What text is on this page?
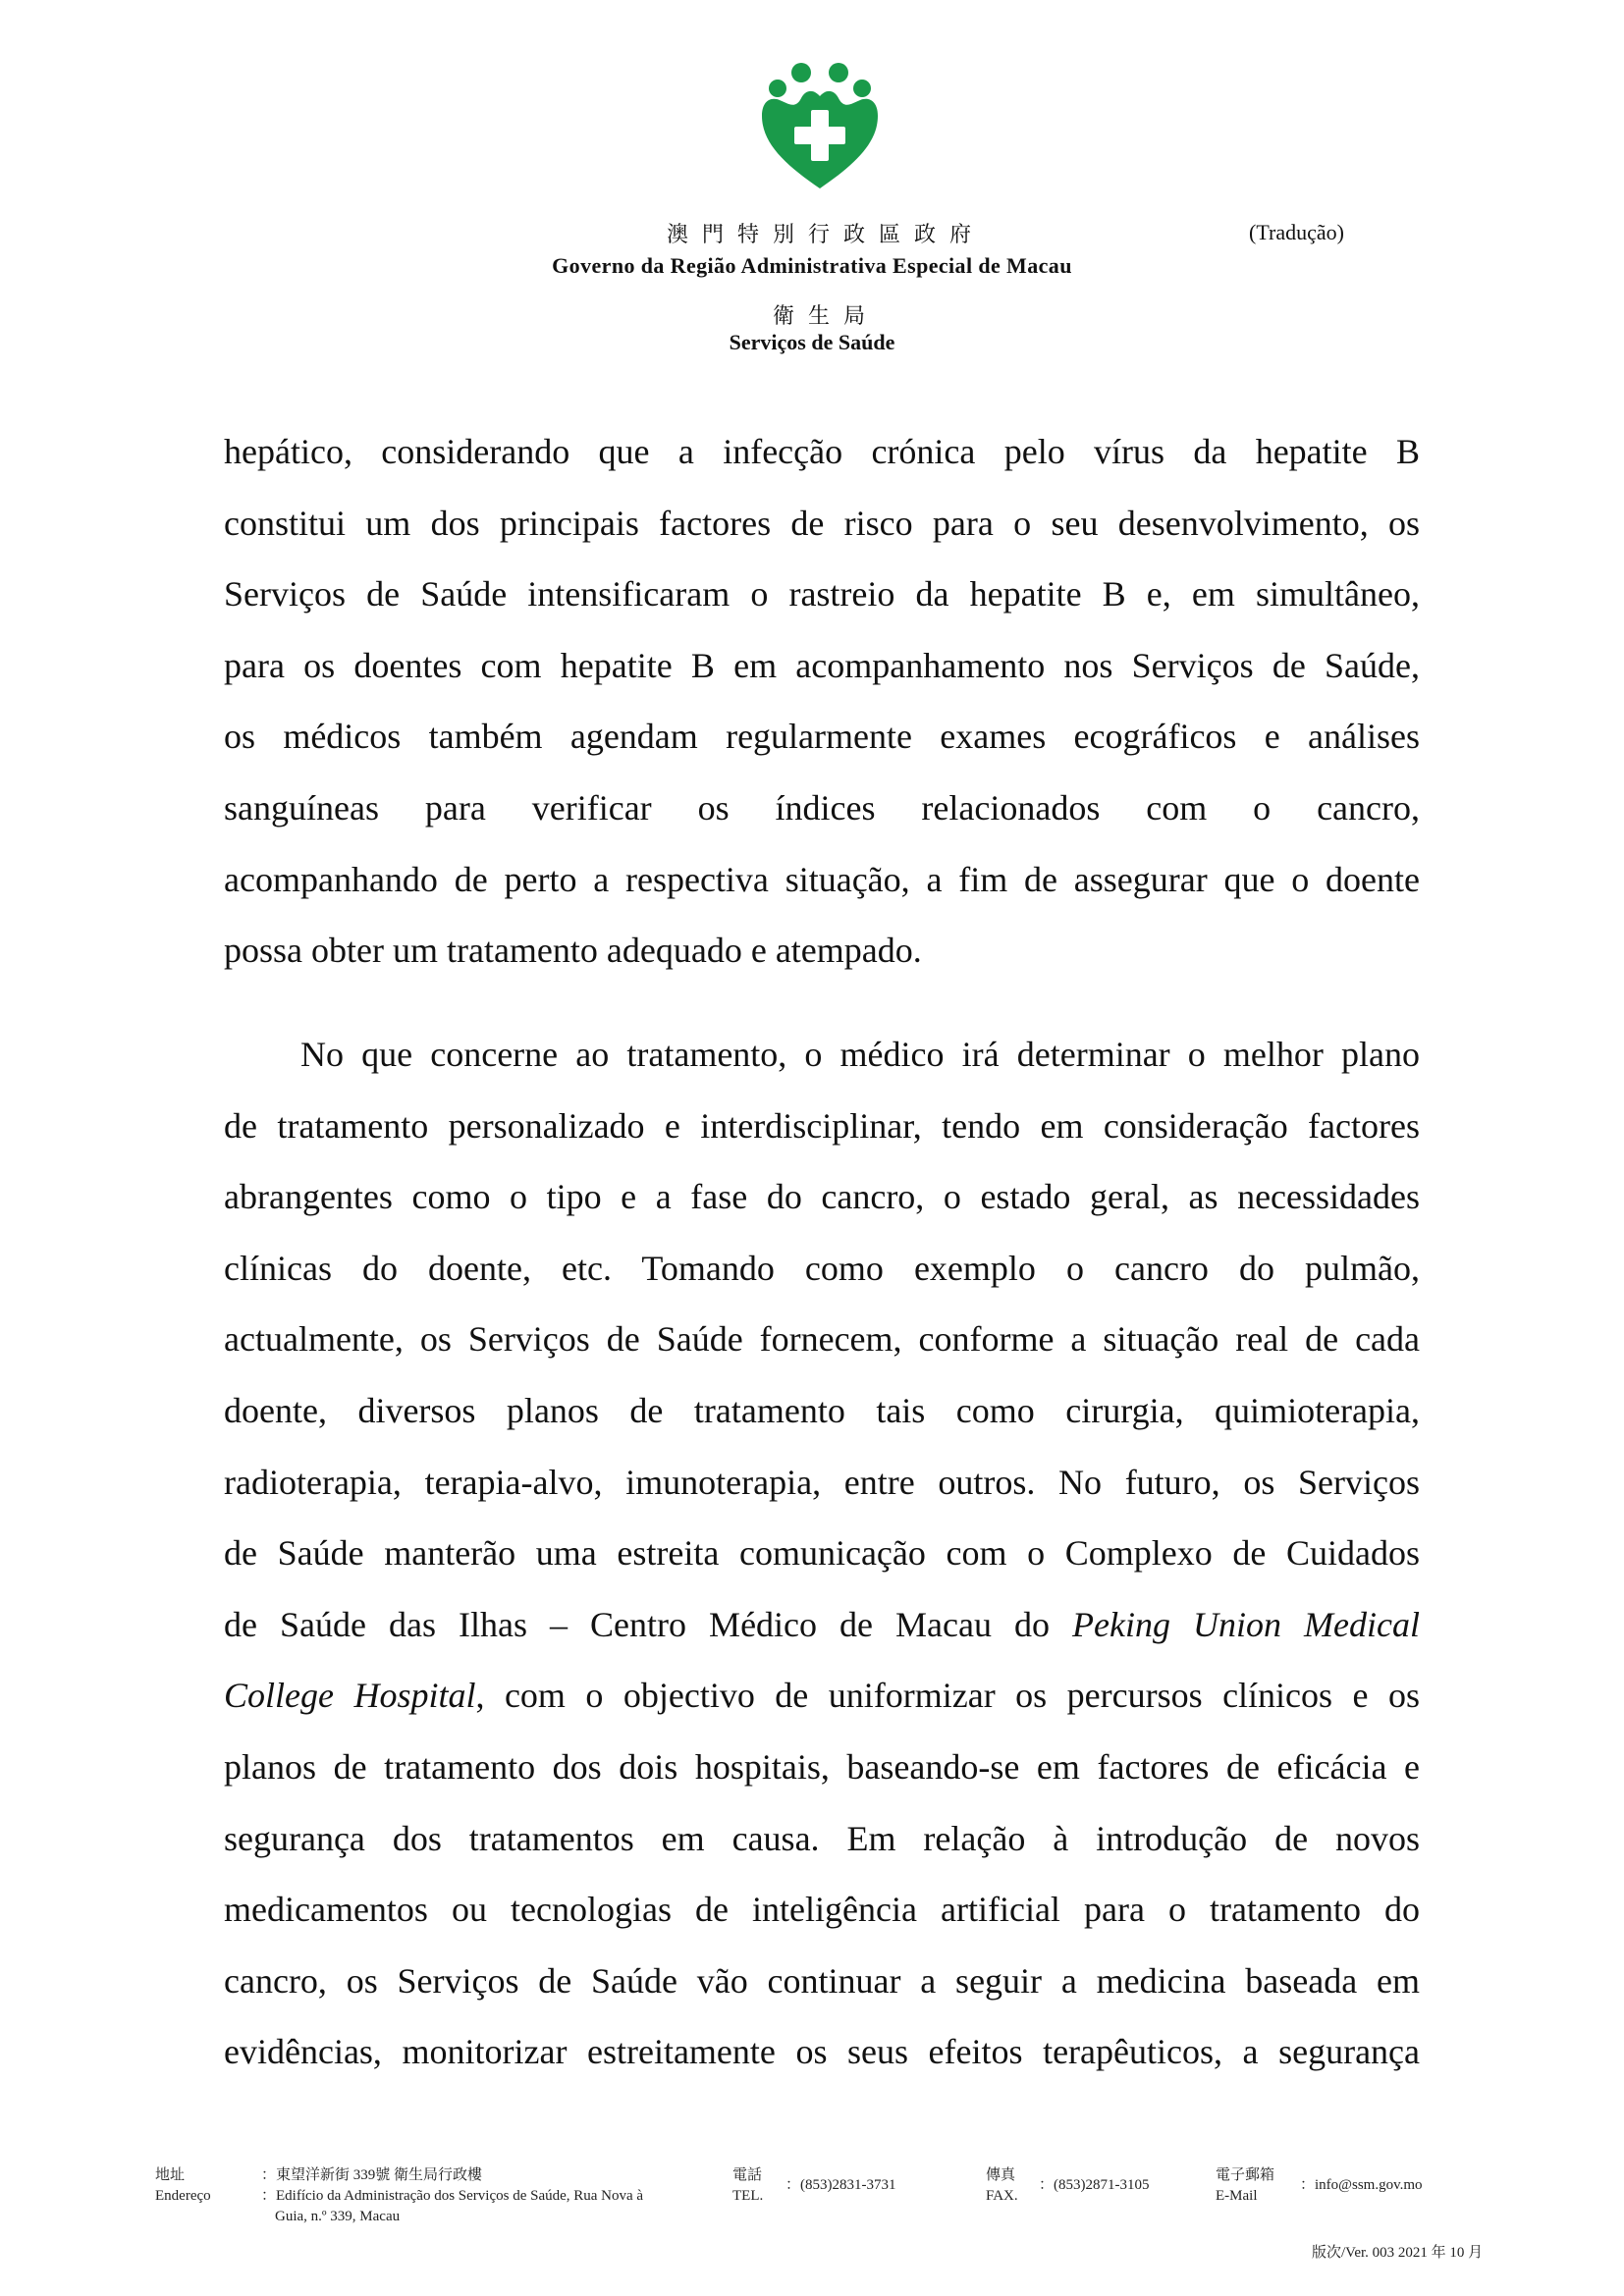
澳門特別行政區政府
Governo da Região Administrativa Especial de Macau
衛生局
Serviços de Saúde
(Tradução)
hepático, considerando que a infecção crónica pelo vírus da hepatite B
constitui um dos principais factores de risco para o seu desenvolvimento, os
Serviços de Saúde intensificaram o rastreio da hepatite B e, em simultâneo,
para os doentes com hepatite B em acompanhamento nos Serviços de Saúde,
os médicos também agendam regularmente exames ecográficos e análises
sanguíneas para verificar os índices relacionados com o cancro,
acompanhando de perto a respectiva situação, a fim de assegurar que o doente
possa obter um tratamento adequado e atempado.
No que concerne ao tratamento, o médico irá determinar o melhor plano
de tratamento personalizado e interdisciplinar, tendo em consideração factores
abrangentes como o tipo e a fase do cancro, o estado geral, as necessidades
clínicas do doente, etc. Tomando como exemplo o cancro do pulmão,
actualmente, os Serviços de Saúde fornecem, conforme a situação real de cada
doente, diversos planos de tratamento tais como cirurgia, quimioterapia,
radioterapia, terapia-alvo, imunoterapia, entre outros. No futuro, os Serviços
de Saúde manterão uma estreita comunicação com o Complexo de Cuidados
de Saúde das Ilhas – Centro Médico de Macau do Peking Union Medical
College Hospital, com o objectivo de uniformizar os percursos clínicos e os
planos de tratamento dos dois hospitais, baseando-se em factores de eficácia e
segurança dos tratamentos em causa. Em relação à introdução de novos
medicamentos ou tecnologias de inteligência artificial para o tratamento do
cancro, os Serviços de Saúde vão continuar a seguir a medicina baseada em
evidências, monitorizar estreitamente os seus efeitos terapêuticos, a segurança
地址
Endereço
：東望洋新街 339號 衛生局行政樓
：Edifício da Administração dos Serviços de Saúde, Rua Nova à
Guia, n.º 339, Macau
電話
TEL.
：(853)2831-3731
傳真
FAX.
：(853)2871-3105
電子郵箱
E-Mail
：info@ssm.gov.mo
版次/Ver. 003 2021 年 10 月
